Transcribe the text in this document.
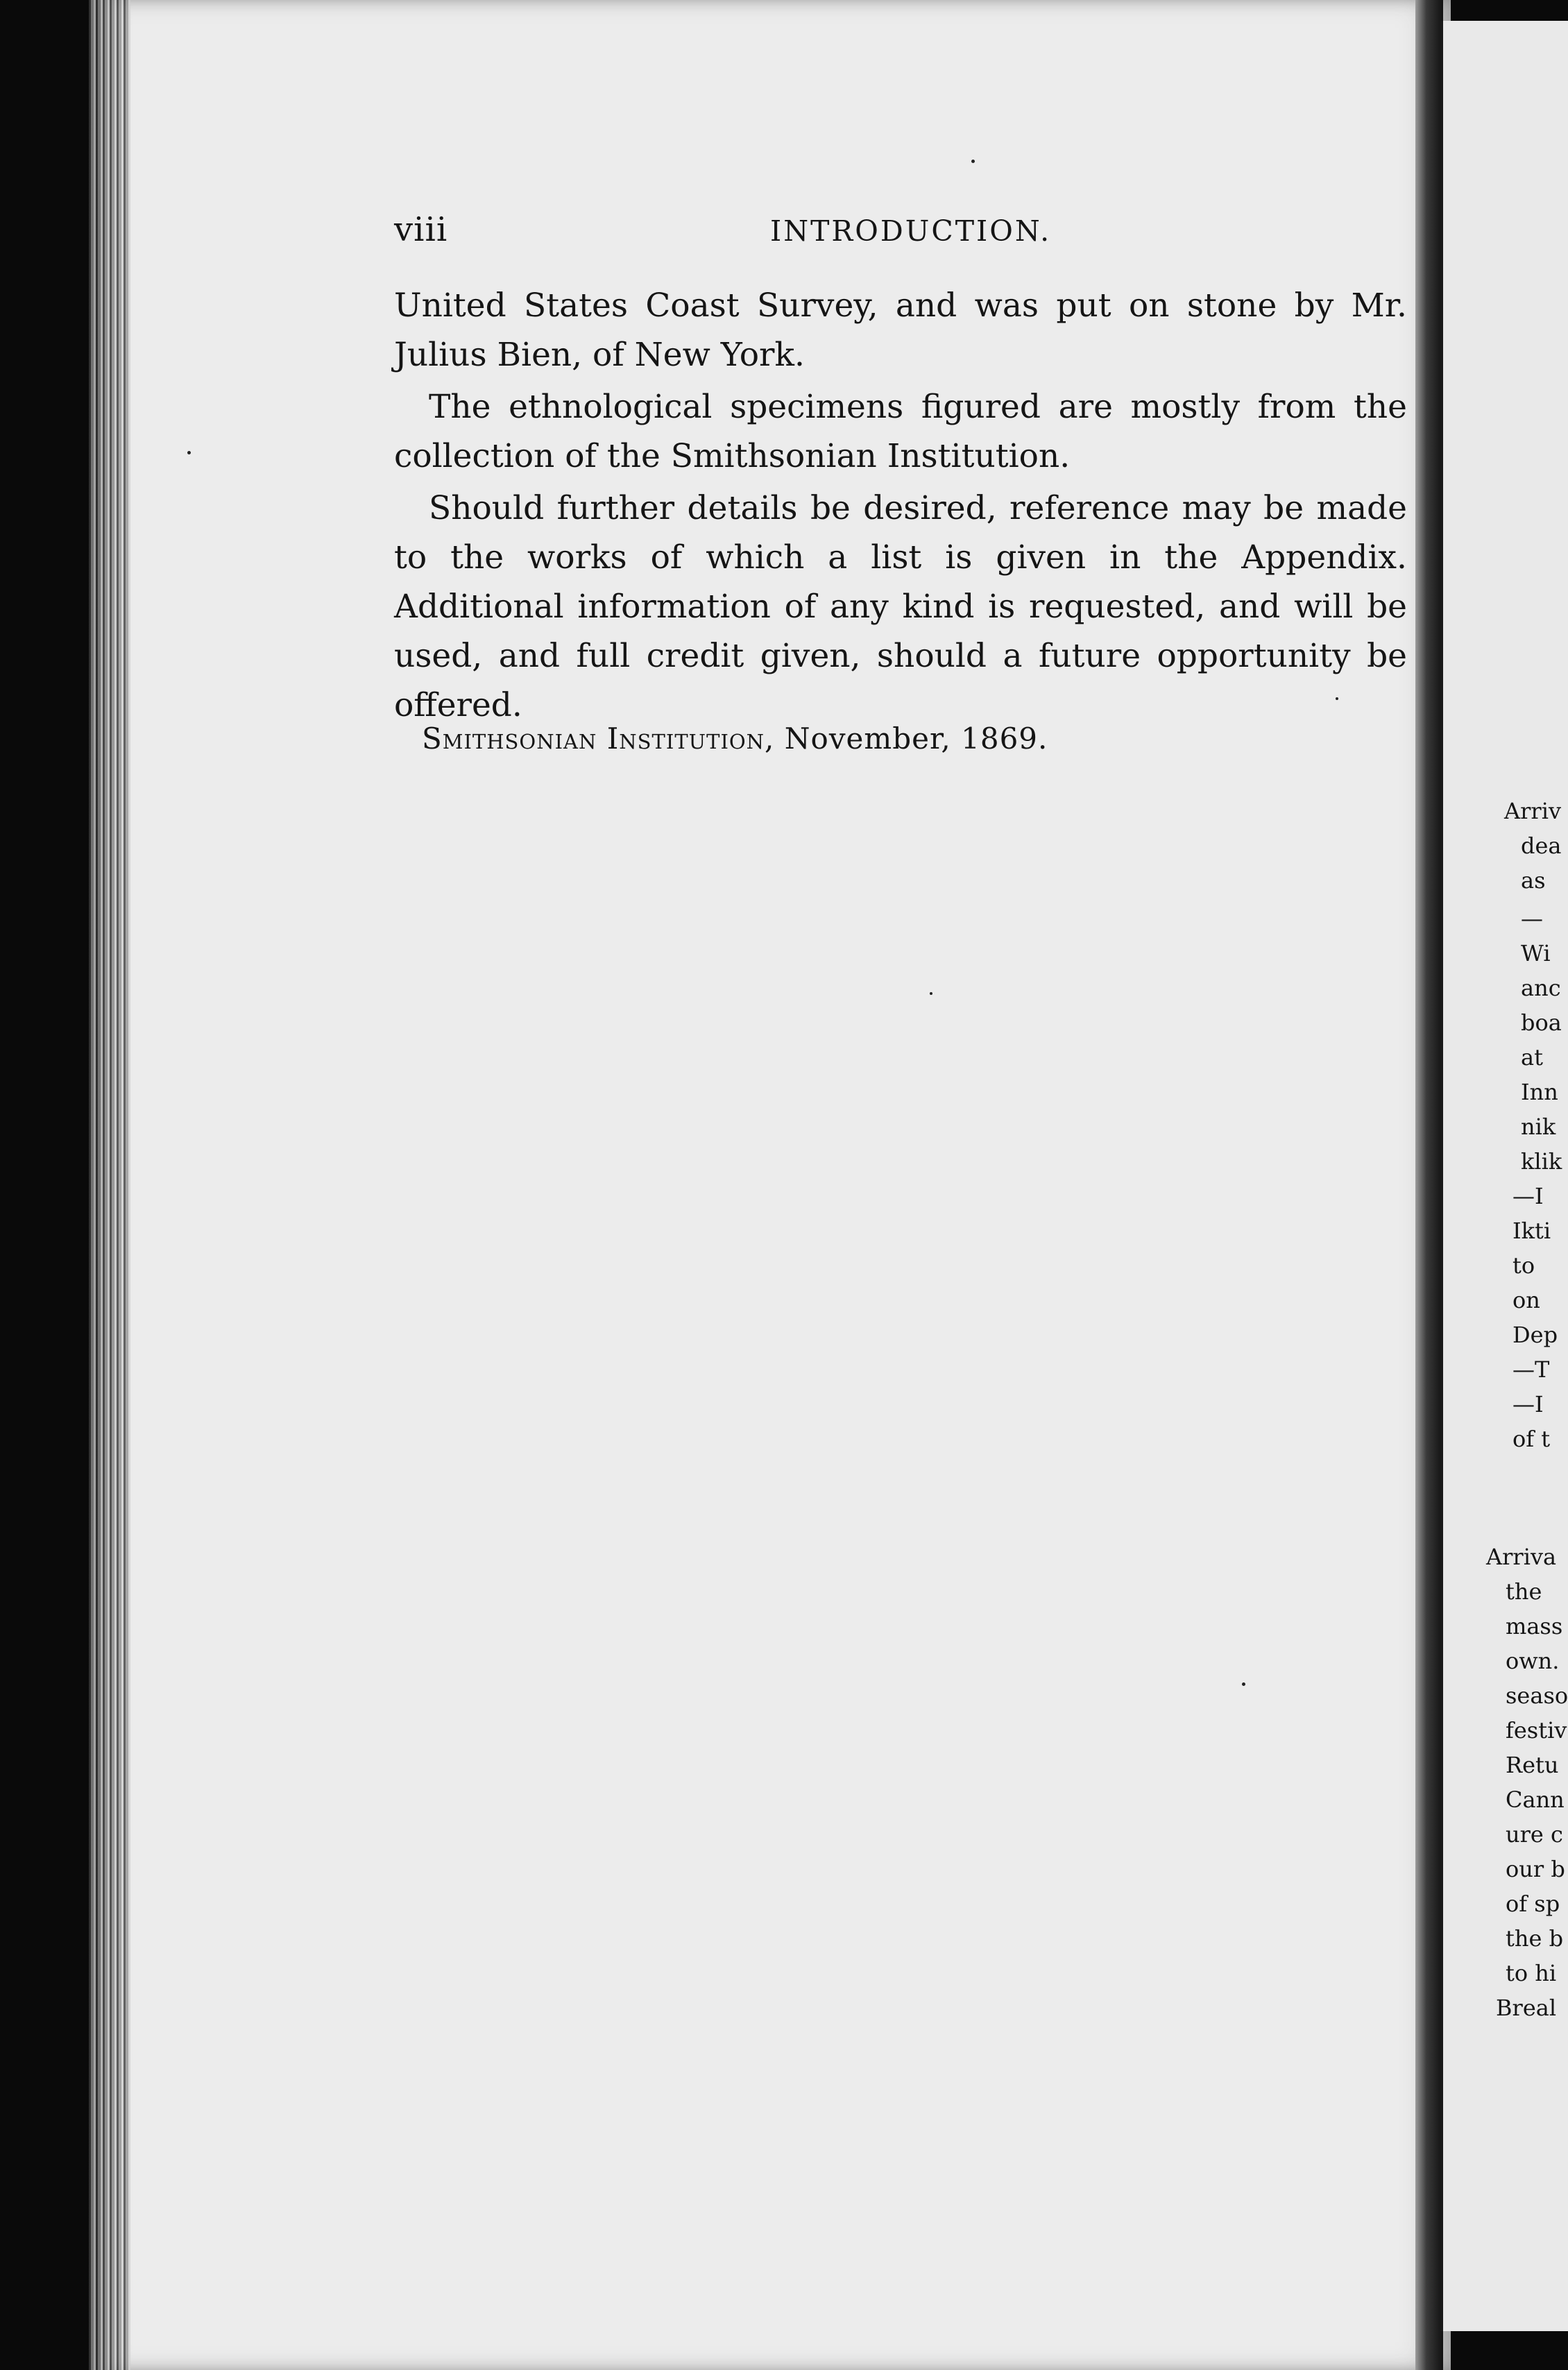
viii	INTRODUCTION.

United States Coast Survey, and was put on stone by Mr. Julius Bien, of New York.

The ethnological specimens figured are mostly from the collection of the Smithsonian Institution.

Should further details be desired, reference may be made to the works of which a list is given in the Appendix. Additional information of any kind is requested, and will be used, and full credit given, should a future opportunity be offered.

Smithsonian Institution, November, 1869.
Arriv
dea
as
—
Wi
anc
boa
at
Inn
nik
klik
—I
Ikti
to
on
Dep
—T
—I
of t
Arriva
the
mass
own.
seaso
festiv
Retu
Cann
ure c
our b
of sp
the b
to hi
Breal
